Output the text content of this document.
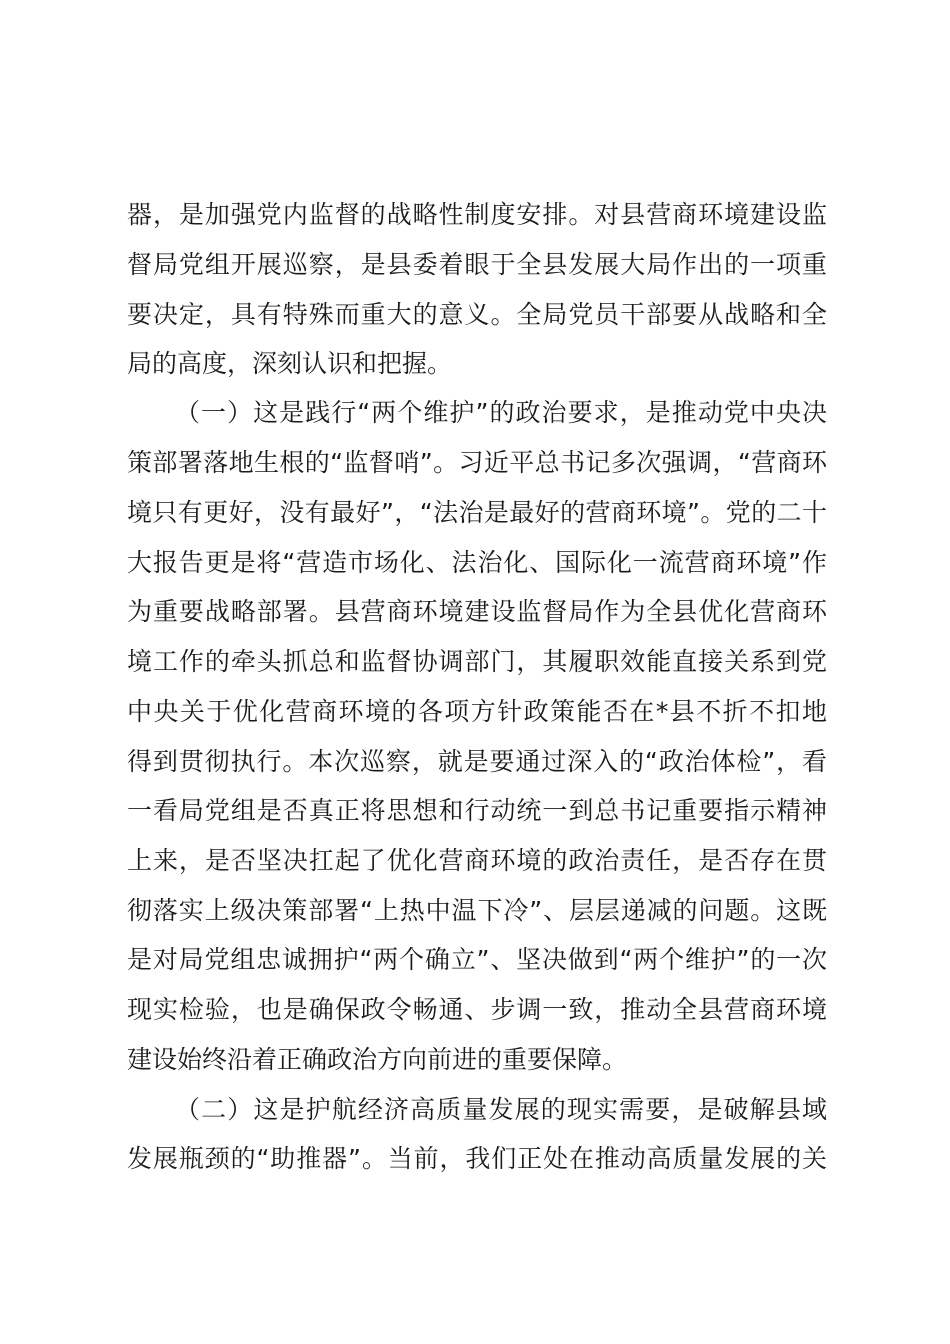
器，是加强党内监督的战略性制度安排。对县营商环境建设监
督局党组开展巡察，是县委着眼于全县发展大局作出的一项重
要决定，具有特殊而重大的意义。全局党员干部要从战略和全
局的高度，深刻认识和把握。
（一）这是践行“两个维护”的政治要求，是推动党中央决
策部署落地生根的“监督哨”。习近平总书记多次强调，“营商环
境只有更好，没有最好”，“法治是最好的营商环境”。党的二十
大报告更是将“营造市场化、法治化、国际化一流营商环境”作
为重要战略部署。县营商环境建设监督局作为全县优化营商环
境工作的牵头抓总和监督协调部门，其履职效能直接关系到党
中央关于优化营商环境的各项方针政策能否在*县不折不扣地
得到贯彻执行。本次巡察，就是要通过深入的“政治体检”，看
一看局党组是否真正将思想和行动统一到总书记重要指示精神
上来，是否坚决扛起了优化营商环境的政治责任，是否存在贯
彻落实上级决策部署“上热中温下冷”、层层递减的问题。这既
是对局党组忠诚拥护“两个确立”、坚决做到“两个维护”的一次
现实检验，也是确保政令畅通、步调一致，推动全县营商环境
建设始终沿着正确政治方向前进的重要保障。
（二）这是护航经济高质量发展的现实需要，是破解县域
发展瓶颈的“助推器”。当前，我们正处在推动高质量发展的关
